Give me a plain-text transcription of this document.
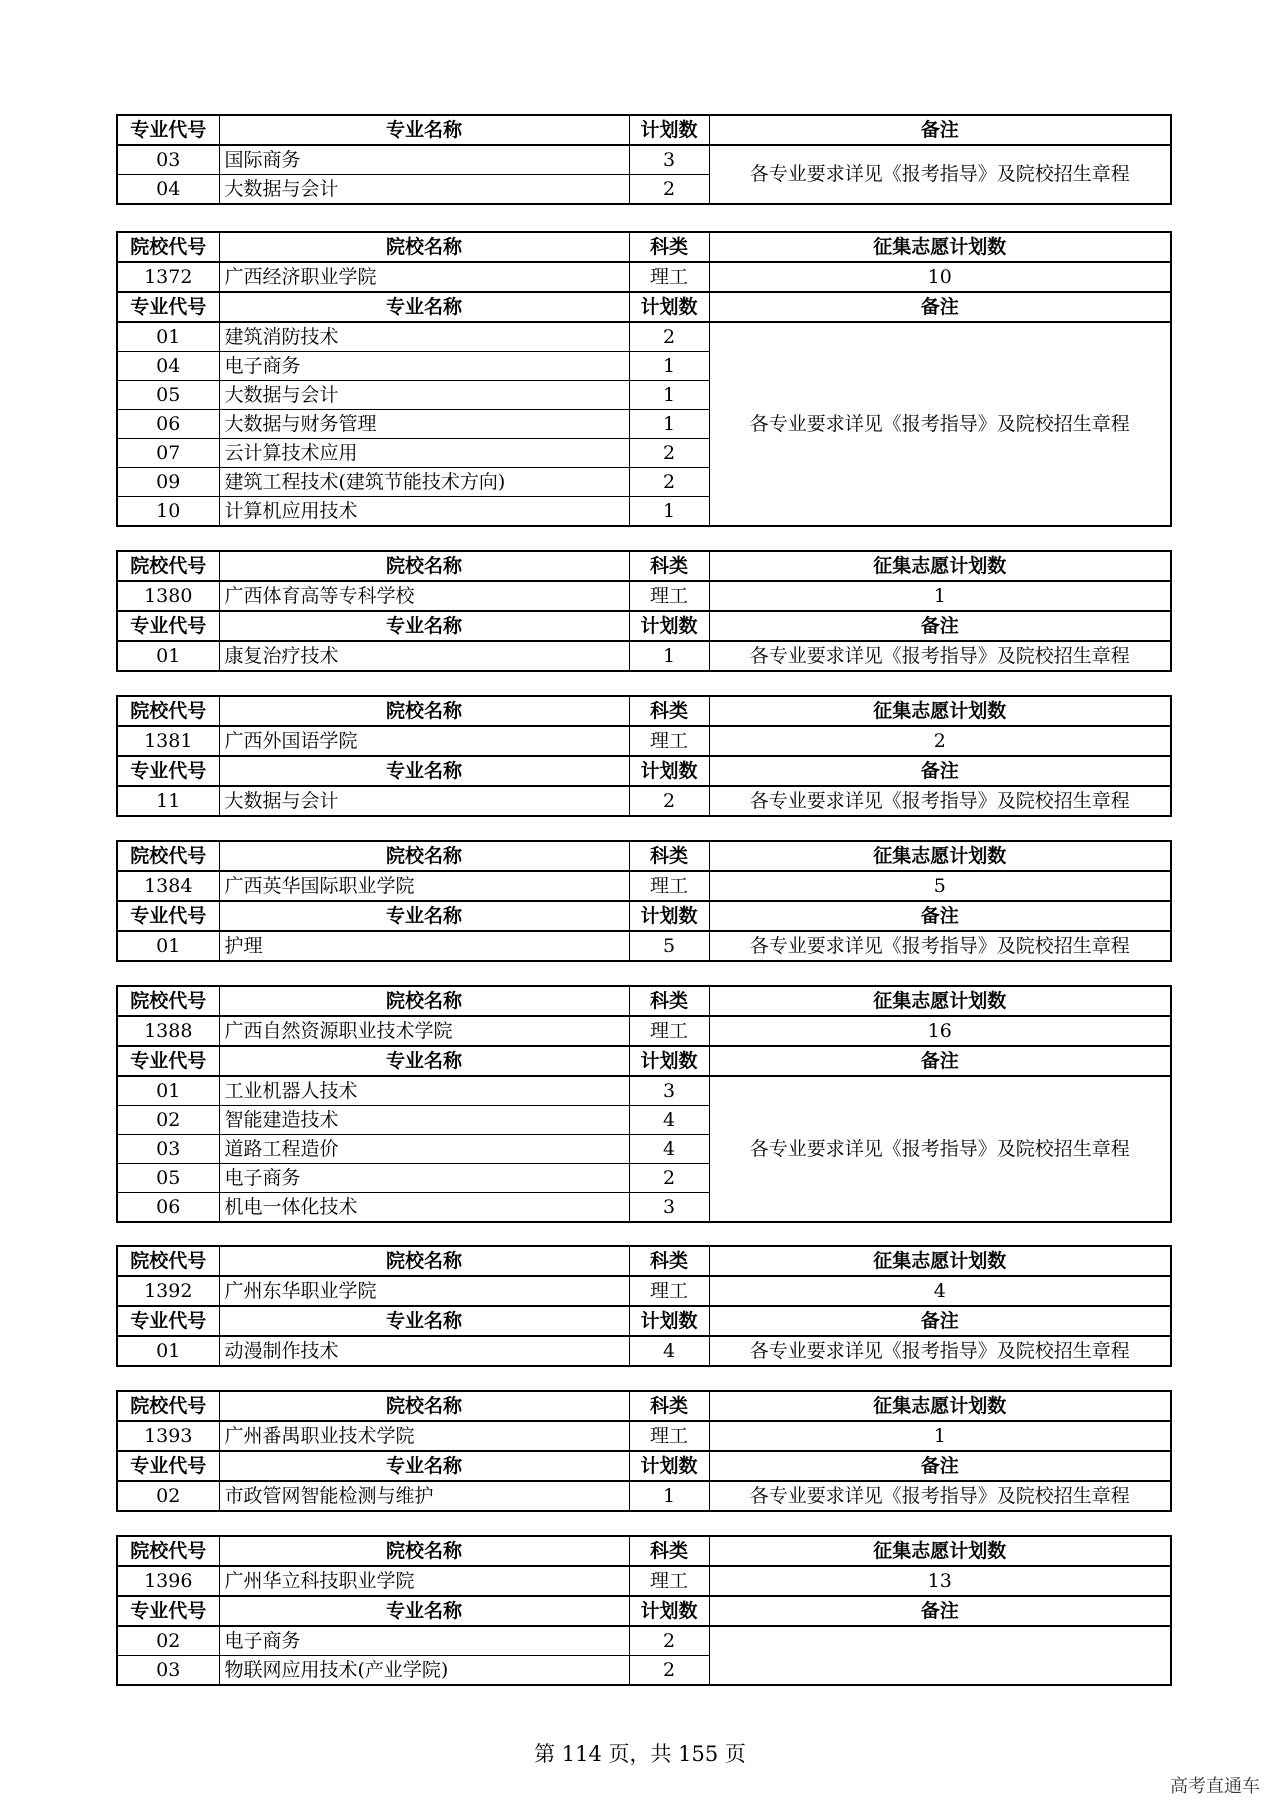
专业代号	专业名称	计划数	备注
03	国际商务	3	各专业要求详见《报考指导》及院校招生章程
04	大数据与会计	2	
院校代号	院校名称	科类	征集志愿计划数
1372	广西经济职业学院	理工	10
专业代号	专业名称	计划数	备注
01	建筑消防技术	2	各专业要求详见《报考指导》及院校招生章程
04	电子商务	1	
05	大数据与会计	1	
06	大数据与财务管理	1	
07	云计算技术应用	2	
09	建筑工程技术(建筑节能技术方向)	2	
10	计算机应用技术	1	
院校代号	院校名称	科类	征集志愿计划数
1380	广西体育高等专科学校	理工	1
专业代号	专业名称	计划数	备注
01	康复治疗技术	1	各专业要求详见《报考指导》及院校招生章程
院校代号	院校名称	科类	征集志愿计划数
1381	广西外国语学院	理工	2
专业代号	专业名称	计划数	备注
11	大数据与会计	2	各专业要求详见《报考指导》及院校招生章程
院校代号	院校名称	科类	征集志愿计划数
1384	广西英华国际职业学院	理工	5
专业代号	专业名称	计划数	备注
01	护理	5	各专业要求详见《报考指导》及院校招生章程
院校代号	院校名称	科类	征集志愿计划数
1388	广西自然资源职业技术学院	理工	16
专业代号	专业名称	计划数	备注
01	工业机器人技术	3	各专业要求详见《报考指导》及院校招生章程
02	智能建造技术	4	
03	道路工程造价	4	
05	电子商务	2	
06	机电一体化技术	3	
院校代号	院校名称	科类	征集志愿计划数
1392	广州东华职业学院	理工	4
专业代号	专业名称	计划数	备注
01	动漫制作技术	4	各专业要求详见《报考指导》及院校招生章程
院校代号	院校名称	科类	征集志愿计划数
1393	广州番禺职业技术学院	理工	1
专业代号	专业名称	计划数	备注
02	市政管网智能检测与维护	1	各专业要求详见《报考指导》及院校招生章程
院校代号	院校名称	科类	征集志愿计划数
1396	广州华立科技职业学院	理工	13
专业代号	专业名称	计划数	备注
02	电子商务	2	
03	物联网应用技术(产业学院)	2	
第 114 页，共 155 页
高考直通车
